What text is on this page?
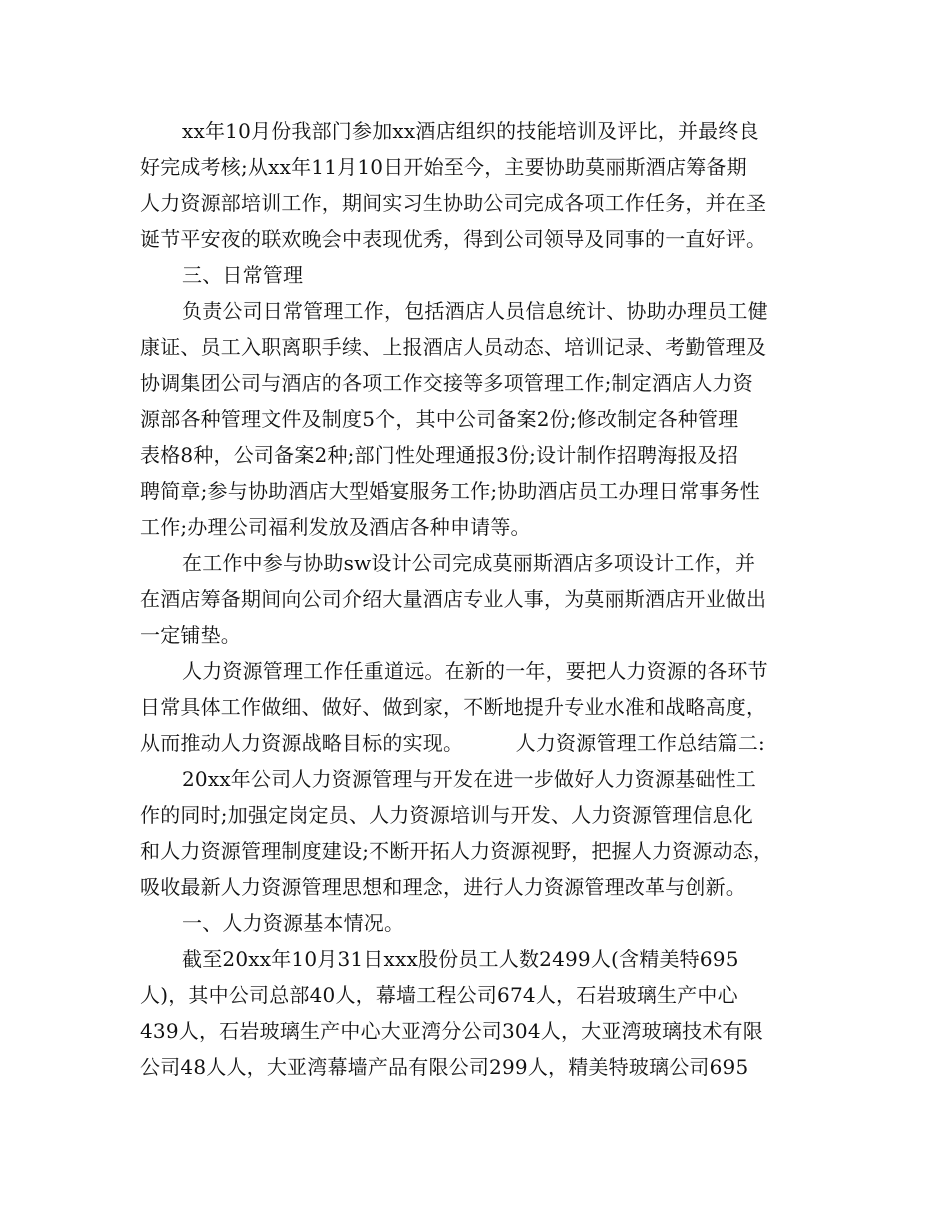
xx年10月份我部门参加xx酒店组织的技能培训及评比，并最终良
好完成考核;从xx年11月10日开始至今，主要协助莫丽斯酒店筹备期
人力资源部培训工作，期间实习生协助公司完成各项工作任务，并在圣
诞节平安夜的联欢晚会中表现优秀，得到公司领导及同事的一直好评。
三、日常管理
负责公司日常管理工作，包括酒店人员信息统计、协助办理员工健
康证、员工入职离职手续、上报酒店人员动态、培训记录、考勤管理及
协调集团公司与酒店的各项工作交接等多项管理工作;制定酒店人力资
源部各种管理文件及制度5个，其中公司备案2份;修改制定各种管理
表格8种，公司备案2种;部门性处理通报3份;设计制作招聘海报及招
聘简章;参与协助酒店大型婚宴服务工作;协助酒店员工办理日常事务性
工作;办理公司福利发放及酒店各种申请等。
在工作中参与协助sw设计公司完成莫丽斯酒店多项设计工作，并
在酒店筹备期间向公司介绍大量酒店专业人事，为莫丽斯酒店开业做出
一定铺垫。
人力资源管理工作任重道远。在新的一年，要把人力资源的各环节
日常具体工作做细、做好、做到家，不断地提升专业水准和战略高度，
从而推动人力资源战略目标的实现。        人力资源管理工作总结篇二:
20xx年公司人力资源管理与开发在进一步做好人力资源基础性工
作的同时;加强定岗定员、人力资源培训与开发、人力资源管理信息化
和人力资源管理制度建设;不断开拓人力资源视野，把握人力资源动态，
吸收最新人力资源管理思想和理念，进行人力资源管理改革与创新。
一、人力资源基本情况。
截至20xx年10月31日xxx股份员工人数2499人(含精美特695
人)，其中公司总部40人，幕墙工程公司674人，石岩玻璃生产中心
439人，石岩玻璃生产中心大亚湾分公司304人，大亚湾玻璃技术有限
公司48人人，大亚湾幕墙产品有限公司299人，精美特玻璃公司695
